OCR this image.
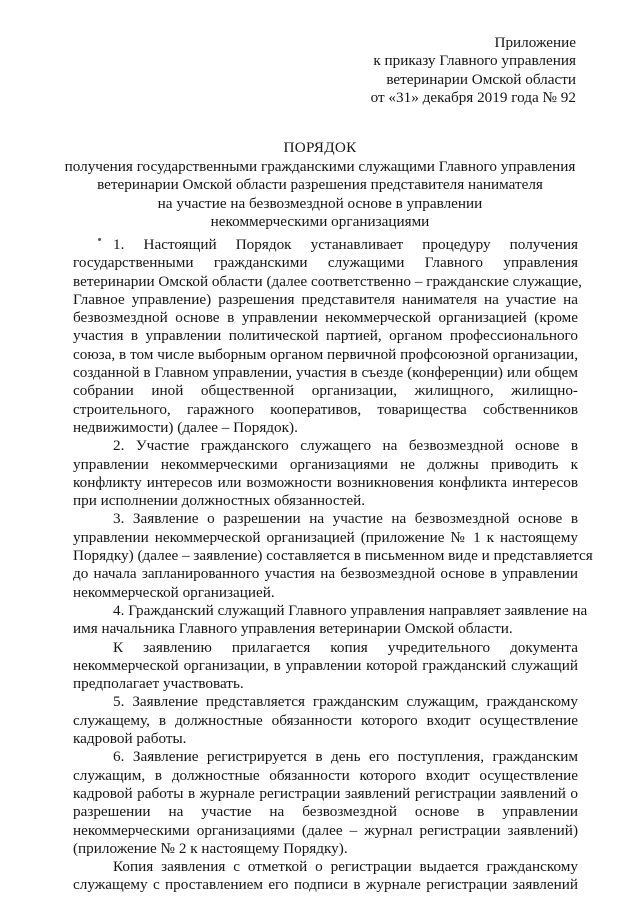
Приложение
к приказу Главного управления
ветеринарии Омской области
от «31» декабря 2019 года № 92
ПОРЯДОК
получения государственными гражданскими служащими Главного управления
ветеринарии Омской области разрешения представителя нанимателя
на участие на безвозмездной основе в управлении
некоммерческими организациями
1. Настоящий Порядок устанавливает процедуру получения
государственными гражданскими служащими Главного управления
ветеринарии Омской области (далее соответственно – гражданские служащие,
Главное управление) разрешения представителя нанимателя на участие на
безвозмездной основе в управлении некоммерческой организацией (кроме
участия в управлении политической партией, органом профессионального
союза, в том числе выборным органом первичной профсоюзной организации,
созданной в Главном управлении, участия в съезде (конференции) или общем
собрании иной общественной организации, жилищного, жилищно-
строительного, гаражного кооперативов, товарищества собственников
недвижимости) (далее – Порядок).
2. Участие гражданского служащего на безвозмездной основе в
управлении некоммерческими организациями не должны приводить к
конфликту интересов или возможности возникновения конфликта интересов
при исполнении должностных обязанностей.
3. Заявление о разрешении на участие на безвозмездной основе в
управлении некоммерческой организацией (приложение № 1 к настоящему
Порядку) (далее – заявление) составляется в письменном виде и представляется
до начала запланированного участия на безвозмездной основе в управлении
некоммерческой организацией.
4. Гражданский служащий Главного управления направляет заявление на
имя начальника Главного управления ветеринарии Омской области.
К заявлению прилагается копия учредительного документа
некоммерческой организации, в управлении которой гражданский служащий
предполагает участвовать.
5. Заявление представляется гражданским служащим, гражданскому
служащему, в должностные обязанности которого входит осуществление
кадровой работы.
6. Заявление регистрируется в день его поступления, гражданским
служащим, в должностные обязанности которого входит осуществление
кадровой работы в журнале регистрации заявлений регистрации заявлений о
разрешении на участие на безвозмездной основе в управлении
некоммерческими организациями (далее – журнал регистрации заявлений)
(приложение № 2 к настоящему Порядку).
Копия заявления с отметкой о регистрации выдается гражданскому
служащему с проставлением его подписи в журнале регистрации заявлений
